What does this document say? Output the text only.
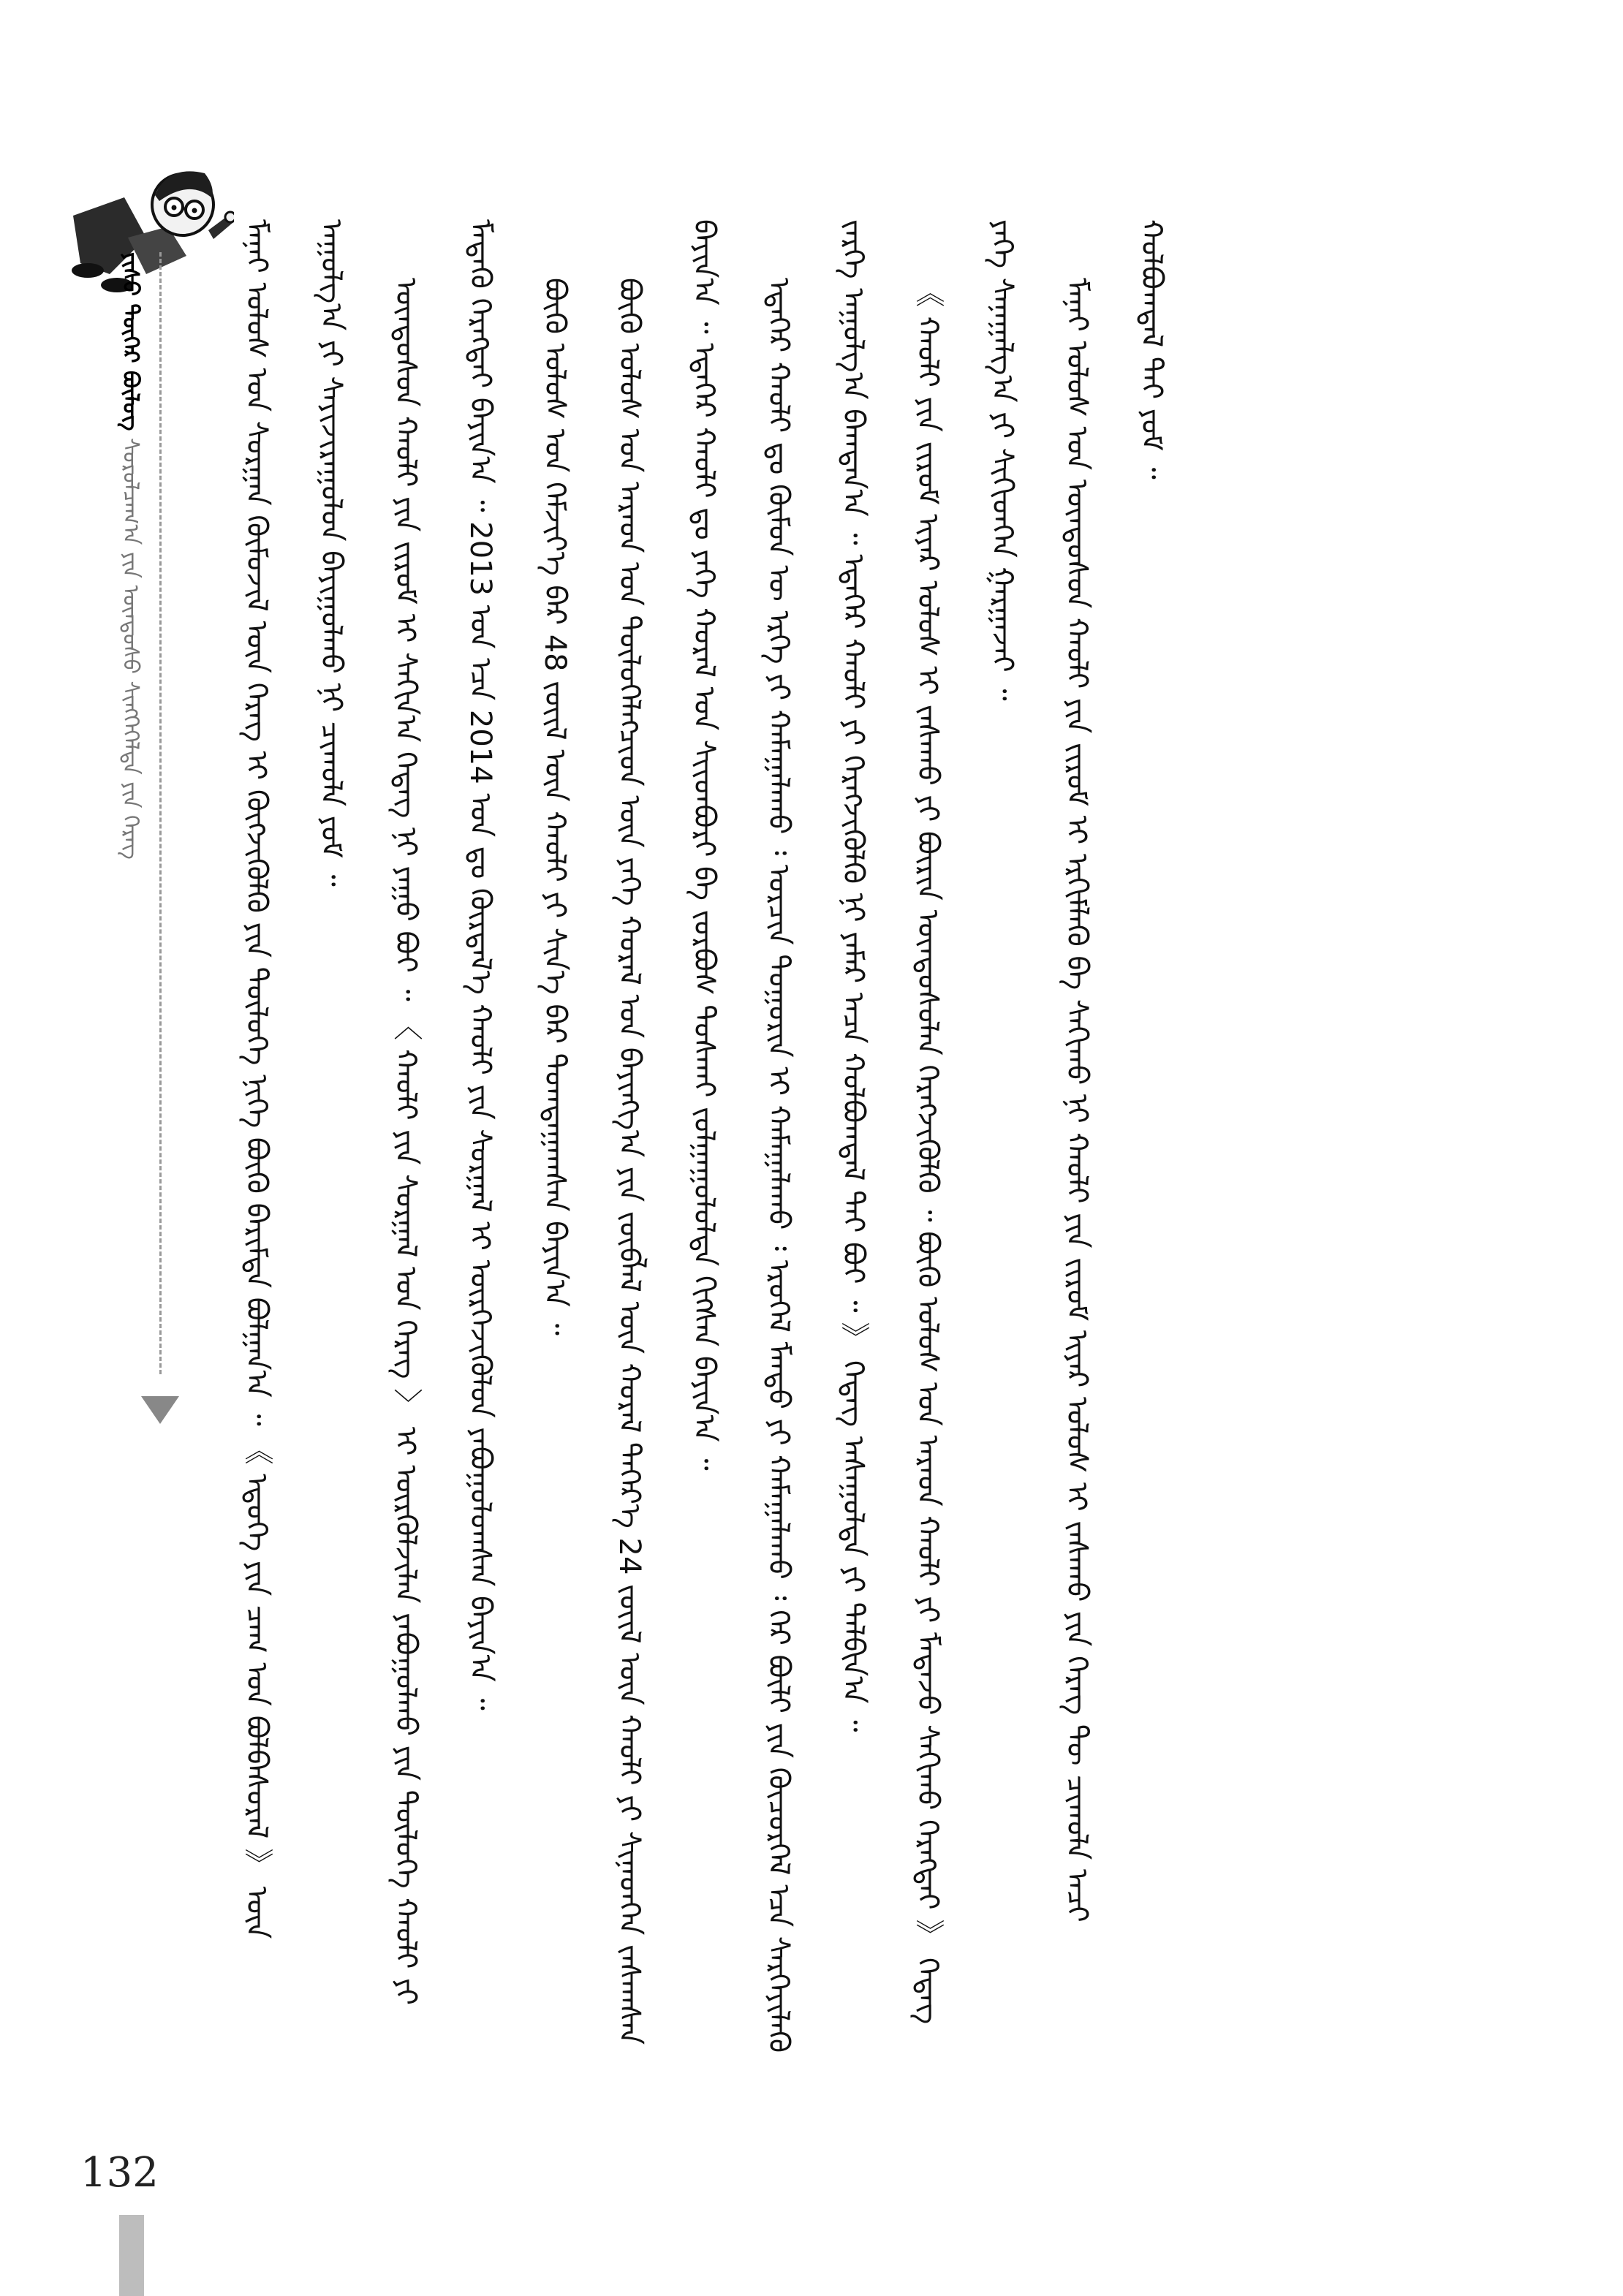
ᠶᠢᠰᠦ ᠳᠦᠭᠡᠷ ᠪᠦᠯᠦᠭ ᠰᠤᠷᠤᠯᠴᠠᠭ᠎ᠠ ᠶᠢᠨ ᠦᠨᠳᠦᠰᠦ ᠰᠢᠩᠭᠡᠭᠡᠯᠲᠡ ᠶᠢᠨ ᠬᠡᠷᠡᠭ	ᠮᠠᠨᠠᠢ ᠤᠯᠤᠰ ᠤᠨ ᠰᠤᠷᠭᠠᠨ ᠬᠦᠮᠦᠵᠢᠯ ᠦᠨ ᠬᠡᠷᠡᠭ ᠢ ᠬᠦᠭᠵᠢᠭᠦᠯᠬᠦ ᠶᠢᠨ ᠲᠥᠯᠦᠭᠡ ᠨᠢᠭᠡ ᠪᠦᠬᠦ ᠪᠠᠷᠢᠮᠲᠠ ᠪᠣᠯᠭᠠᠨ᠎ᠠ ᠃ 《 ᠡᠳᠦᠭᠡ ᠶᠢᠨ ᠴᠠᠭ ᠤᠨ ᠪᠣᠯᠪᠠᠰᠤᠷᠠᠯ 》 ᠦᠨ ᠠᠭᠤᠯᠭ᠎ᠠ ᠶᠢ ᠰᠠᠶᠢᠵᠢᠷᠠᠭᠤᠯᠤᠨ ᠪᠠᠶᠢᠭᠤᠯᠬᠤ ᠨᠢ ᠴᠢᠬᠤᠯᠠ ᠶᠤᠮ ᠃	ᠦᠨᠳᠦᠰᠦᠨ ᠬᠠᠤᠯᠢ ᠶᠢᠨ ᠵᠢᠷᠦᠮ ᠢ ᠰᠠᠬᠢᠨ᠎ᠠ ᠭᠡᠳᠡᠭ ᠨᠢ ᠶᠠᠭᠤ ᠪᠤᠢ ᠃ 〈 ᠬᠠᠤᠯᠢ ᠶᠢᠨ ᠰᠤᠷᠭᠠᠯ ᠤᠨ ᠬᠡᠷᠡᠭ 〉 ᠢ ᠦᠷᠭᠦᠯᠵᠢᠯᠡᠨ ᠶᠠᠪᠤᠭᠤᠯᠬᠤ ᠶᠢᠨ ᠲᠥᠯᠦᠭᠡ ᠬᠠᠤᠯᠢ ᠶᠢ ᠮᠡᠳᠡᠬᠦ ᠬᠡᠷᠡᠭᠲᠡᠢ ᠪᠠᠶᠢᠨ᠎ᠠ ᠃ 2013 ᠣᠨ ᠡᠴᠡ 2014 ᠣᠨ ᠳᠤ ᠬᠦᠷᠲᠡᠯ᠎ᠡ ᠬᠠᠤᠯᠢ ᠶᠢᠨ ᠰᠤᠷᠭᠠᠯ ᠢ ᠥᠷᠭᠡᠵᠢᠭᠦᠯᠦᠨ ᠶᠠᠪᠤᠭᠤᠯᠤᠭᠰᠠᠨ ᠪᠠᠶᠢᠨ᠎ᠠ ᠃	ᠪᠦᠬᠦ ᠤᠯᠤᠰ ᠤᠨ ᠬᠡᠮᠵᠢᠶ᠎ᠡ ᠪᠡᠷ 48 ᠵᠦᠢᠯ ᠦᠨ ᠬᠠᠤᠯᠢ ᠶᠢ ᠰᠢᠨ᠎ᠡ ᠪᠡᠷ ᠲᠣᠭᠲᠠᠭᠠᠭᠰᠠᠨ ᠪᠠᠶᠢᠨ᠎ᠠ ᠃	ᠪᠦᠬᠦ ᠤᠯᠤᠰ ᠤᠨ ᠠᠷᠠᠳ ᠤᠨ ᠲᠥᠯᠦᠭᠡᠯᠡᠭᠴᠢᠳ ᠦᠨ ᠶᠡᠬᠡ ᠬᠤᠷᠠᠯ ᠤᠨ ᠪᠠᠶᠢᠩᠭ᠎ᠠ ᠶᠢᠨ ᠵᠥᠪᠯᠡᠯ ᠦᠨ ᠬᠤᠷᠠᠯ ᠳᠡᠭᠡᠷ᠎ᠡ 24 ᠵᠦᠢᠯ ᠦᠨ ᠬᠠᠤᠯᠢ ᠶᠢ ᠰᠢᠨᠡᠳᠭᠡᠨ ᠵᠠᠰᠠᠭᠰᠠᠨ ᠪᠠᠶᠢᠨ᠎ᠠ ᠃ ᠡᠳᠡᠭᠡᠷ ᠬᠠᠤᠯᠢ ᠳᠤ ᠶᠡᠬᠡ ᠬᠤᠷᠠᠯ ᠤᠨ ᠰᠢᠢᠳᠪᠦᠷᠢ ᠪᠠ ᠵᠤᠷᠪᠤᠰ ᠲᠤᠰᠬᠠᠢ ᠵᠤᠯᠭᠠᠭᠤᠯᠤᠯᠲᠠ ᠬᠢᠭᠰᠡᠨ ᠪᠠᠶᠢᠨ᠎ᠠ ᠃	ᠡᠳᠡᠭᠡᠷ ᠬᠠᠤᠯᠢ ᠳᠤ ᠬᠦᠮᠦᠨ ᠦ ᠡᠷᠬᠡ ᠶᠢ ᠬᠠᠮᠠᠭᠠᠯᠠᠬᠤ ᠄ ᠣᠷᠴᠢᠨ ᠲᠣᠭᠣᠷᠢᠨ ᠢ ᠬᠠᠮᠠᠭᠠᠯᠠᠬᠤ ᠄ ᠡᠷᠦᠬᠡᠯ ᠮᠡᠨᠳᠦ ᠶᠢ ᠬᠠᠮᠠᠭᠠᠯᠠᠬᠤ ᠄ ᠭᠡᠷ ᠪᠦᠯᠢ ᠶᠢᠨ ᠬᠦᠴᠦᠷᠬᠡᠯ ᠡᠴᠡ ᠰᠡᠷᠭᠡᠶᠢᠯᠡᠬᠦ ᠵᠡᠷᠭᠡ ᠠᠭᠤᠯᠭ᠎ᠠ ᠪᠠᠭᠲᠠᠨ᠎ᠠ ᠃ ᠡᠳᠡᠭᠡᠷ ᠬᠠᠤᠯᠢ ᠶᠢ ᠬᠡᠷᠡᠭᠵᠢᠭᠦᠯᠬᠦ ᠨᠢ ᠶᠠᠮᠠᠷ ᠠᠴᠠ ᠬᠣᠯᠪᠣᠭᠳᠠᠯ ᠲᠠᠢ ᠪᠤᠢ ᠃ 》 ᠭᠡᠳᠡᠭ ᠠᠰᠠᠭᠤᠯᠲᠠ ᠶᠢ ᠲᠠᠯᠪᠢᠨ᠎ᠠ ᠃	《 ᠬᠠᠤᠯᠢ ᠶᠢᠨ ᠵᠢᠷᠦᠮ ᠢᠶᠡᠷ ᠤᠯᠤᠰ ᠢ ᠵᠠᠰᠠᠬᠤ ᠶᠢ ᠪᠦᠷᠢᠨ ᠦᠨᠳᠦᠰᠦᠯᠡᠨ ᠬᠡᠷᠡᠭᠵᠢᠭᠦᠯᠬᠦ ᠃ ᠪᠦᠬᠦ ᠤᠯᠤᠰ ᠤᠨ ᠠᠷᠠᠳ ᠬᠠᠤᠯᠢ ᠶᠢ ᠮᠡᠳᠡᠵᠦ ᠰᠠᠬᠢᠬᠤ ᠬᠡᠷᠡᠭᠲᠡᠢ 》 ᠭᠡᠳᠡᠭ ᠶᠡᠬᠡ ᠰᠠᠨᠠᠭᠠᠯᠭ᠎ᠠ ᠶᠢ ᠰᠢᠬᠢᠳᠬᠡᠨ ᠭᠠᠷᠭᠠᠵᠠᠢ ᠃	ᠮᠠᠨᠠᠢ ᠤᠯᠤᠰ ᠤᠨ ᠦᠨᠳᠦᠰᠦᠨ ᠬᠠᠤᠯᠢ ᠶᠢᠨ ᠵᠢᠷᠦᠮ ᠢ ᠡᠷᠬᠢᠮᠯᠡᠬᠦ ᠪᠠ ᠰᠠᠬᠢᠬᠤ ᠨᠢ ᠬᠠᠤᠯᠢ ᠶᠢᠨ ᠵᠢᠷᠦᠮ ᠢᠶᠡᠷ ᠤᠯᠤᠰ ᠢ ᠵᠠᠰᠠᠬᠤ ᠶᠢᠨ ᠬᠡᠷᠡᠭ ᠲᠦ ᠴᠢᠬᠤᠯᠠ ᠠᠴᠢ ᠬᠣᠯᠪᠣᠭᠳᠠᠯ ᠲᠠᠢ ᠶᠤᠮ ᠃

132
